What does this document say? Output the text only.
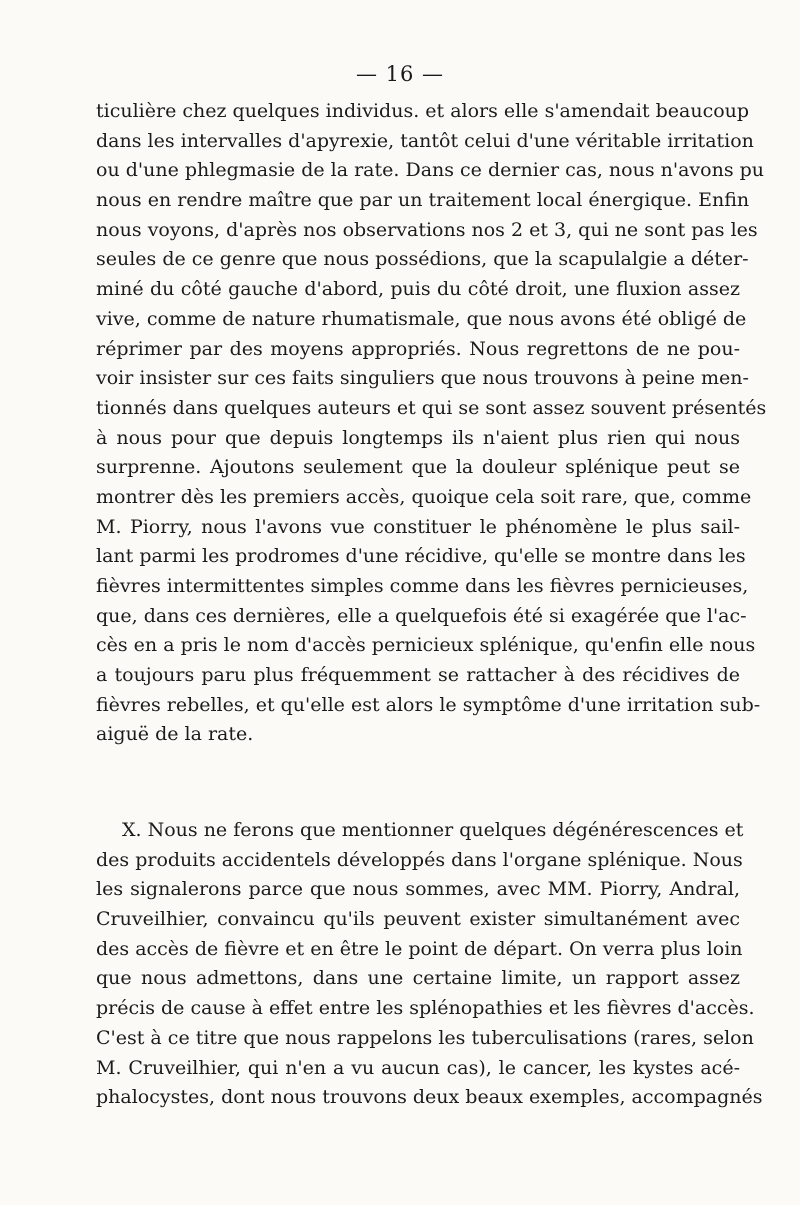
— 16 —
ticulière chez quelques individus. et alors elle s'amendait beaucoup
dans les intervalles d'apyrexie, tantôt celui d'une véritable irritation
ou d'une phlegmasie de la rate. Dans ce dernier cas, nous n'avons pu
nous en rendre maître que par un traitement local énergique. Enfin
nous voyons, d'après nos observations nos 2 et 3, qui ne sont pas les
seules de ce genre que nous possédions, que la scapulalgie a déter-
miné du côté gauche d'abord, puis du côté droit, une fluxion assez
vive, comme de nature rhumatismale, que nous avons été obligé de
réprimer par des moyens appropriés. Nous regrettons de ne pou-
voir insister sur ces faits singuliers que nous trouvons à peine men-
tionnés dans quelques auteurs et qui se sont assez souvent présentés
à nous pour que depuis longtemps ils n'aient plus rien qui nous
surprenne. Ajoutons seulement que la douleur splénique peut se
montrer dès les premiers accès, quoique cela soit rare, que, comme
M. Piorry, nous l'avons vue constituer le phénomène le plus sail-
lant parmi les prodromes d'une récidive, qu'elle se montre dans les
fièvres intermittentes simples comme dans les fièvres pernicieuses,
que, dans ces dernières, elle a quelquefois été si exagérée que l'ac-
cès en a pris le nom d'accès pernicieux splénique, qu'enfin elle nous
a toujours paru plus fréquemment se rattacher à des récidives de
fièvres rebelles, et qu'elle est alors le symptôme d'une irritation sub-
aiguë de la rate.
X. Nous ne ferons que mentionner quelques dégénérescences et
des produits accidentels développés dans l'organe splénique. Nous
les signalerons parce que nous sommes, avec MM. Piorry, Andral,
Cruveilhier, convaincu qu'ils peuvent exister simultanément avec
des accès de fièvre et en être le point de départ. On verra plus loin
que nous admettons, dans une certaine limite, un rapport assez
précis de cause à effet entre les splénopathies et les fièvres d'accès.
C'est à ce titre que nous rappelons les tuberculisations (rares, selon
M. Cruveilhier, qui n'en a vu aucun cas), le cancer, les kystes acé-
phalocystes, dont nous trouvons deux beaux exemples, accompagnés
